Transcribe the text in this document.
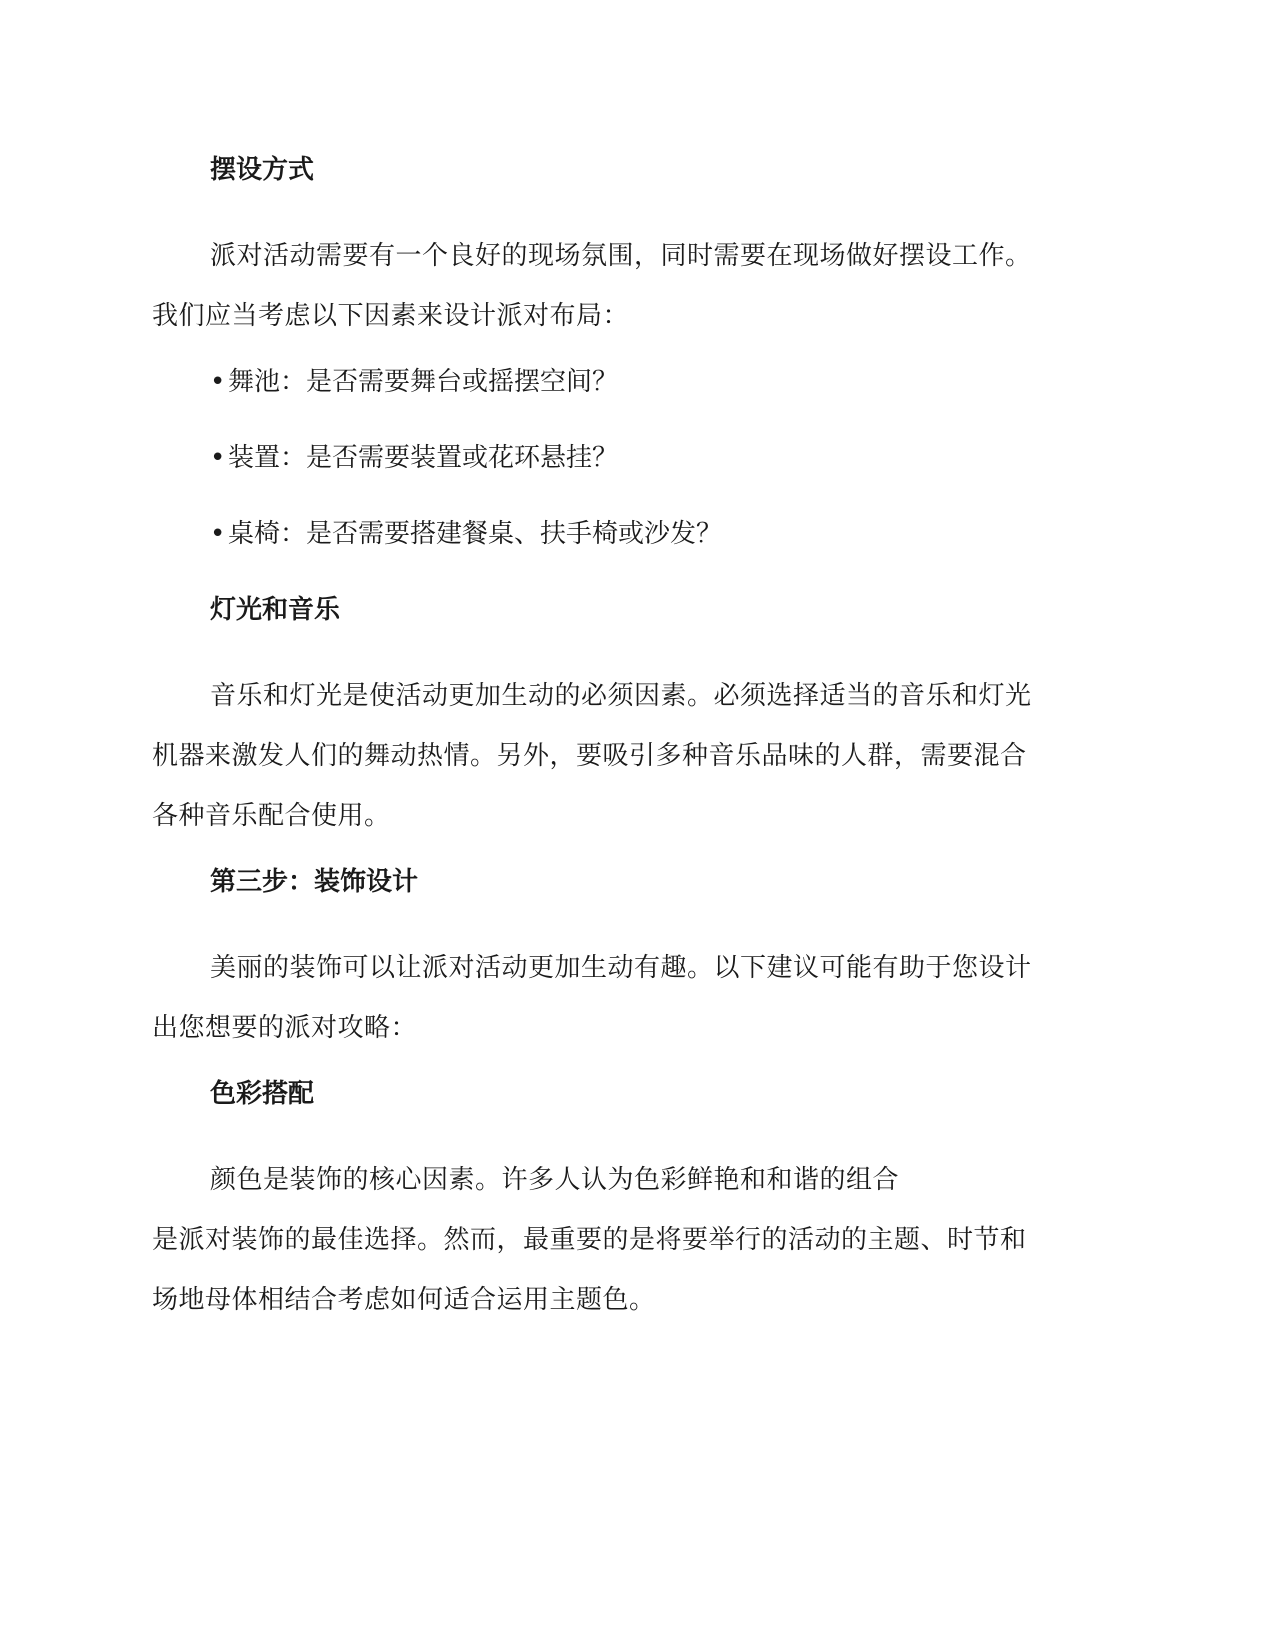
摆设方式
派对活动需要有一个良好的现场氛围，同时需要在现场做好摆设工作。
我们应当考虑以下因素来设计派对布局：
• 舞池：是否需要舞台或摇摆空间？
• 装置：是否需要装置或花环悬挂？
• 桌椅：是否需要搭建餐桌、扶手椅或沙发？
灯光和音乐
音乐和灯光是使活动更加生动的必须因素。必须选择适当的音乐和灯光
机器来激发人们的舞动热情。另外，要吸引多种音乐品味的人群，需要混合
各种音乐配合使用。
第三步：装饰设计
美丽的装饰可以让派对活动更加生动有趣。以下建议可能有助于您设计
出您想要的派对攻略：
色彩搭配
颜色是装饰的核心因素。许多人认为色彩鲜艳和和谐的组合
是派对装饰的最佳选择。然而，最重要的是将要举行的活动的主题、时节和
场地母体相结合考虑如何适合运用主题色。
